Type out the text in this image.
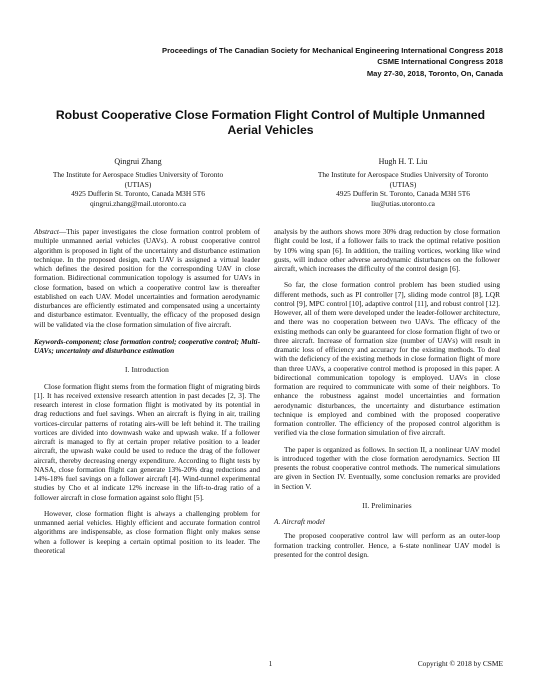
Proceedings of The Canadian Society for Mechanical Engineering International Congress 2018
CSME International Congress 2018
May 27-30, 2018, Toronto, On, Canada
Robust Cooperative Close Formation Flight Control of Multiple Unmanned Aerial Vehicles
Qingrui Zhang
The Institute for Aerospace Studies University of Toronto
(UTIAS)
4925 Dufferin St. Toronto, Canada M3H 5T6
qingrui.zhang@mail.utoronto.ca
Hugh H. T. Liu
The Institute for Aerospace Studies University of Toronto
(UTIAS)
4925 Dufferin St. Toronto, Canada M3H 5T6
liu@utias.utoronto.ca

Abstract—This paper investigates the close formation control problem of multiple unmanned aerial vehicles (UAVs). A robust cooperative control algorithm is proposed in light of the uncertainty and disturbance estimation technique. In the proposed design, each UAV is assigned a virtual leader which defines the desired position for the corresponding UAV in close formation. Bidirectional communication topology is assumed for UAVs in close formation, based on which a cooperative control law is thereafter established on each UAV. Model uncertainties and formation aerodynamic disturbances are efficiently estimated and compensated using a uncertainty and disturbance estimator. Eventually, the efficacy of the proposed design will be validated via the close formation simulation of five aircraft.

Keywords-component; close formation control; cooperative control; Multi-UAVs; uncertainty and disturbance estimation

I. Introduction

Close formation flight stems from the formation flight of migrating birds [1]. It has received extensive research attention in past decades [2, 3]. The research interest in close formation flight is motivated by its potential in drag reductions and fuel savings. When an aircraft is flying in air, trailing vortices-circular patterns of rotating airs-will be left behind it. The trailing vortices are divided into downwash wake and upwash wake. If a follower aircraft is managed to fly at certain proper relative position to a leader aircraft, the upwash wake could be used to reduce the drag of the follower aircraft, thereby decreasing energy expenditure. According to flight tests by NASA, close formation flight can generate 13%-20% drag reductions and 14%-18% fuel savings on a follower aircraft [4]. Wind-tunnel experimental studies by Cho et al indicate 12% increase in the lift-to-drag ratio of a follower aircraft in close formation against solo flight [5].

However, close formation flight is always a challenging problem for unmanned aerial vehicles. Highly efficient and accurate formation control algorithms are indispensable, as close formation flight only makes sense when a follower is keeping a certain optimal position to its leader. The theoretical

analysis by the authors shows more 30% drag reduction by close formation flight could be lost, if a follower fails to track the optimal relative position by 10% wing span [6]. In addition, the trailing vortices, working like wind gusts, will induce other adverse aerodynamic disturbances on the follower aircraft, which increases the difficulty of the control design [6].

So far, the close formation control problem has been studied using different methods, such as PI controller [7], sliding mode control [8], LQR control [9], MPC control [10], adaptive control [11], and robust control [12]. However, all of them were developed under the leader-follower architecture, and there was no cooperation between two UAVs. The efficacy of the existing methods can only be guaranteed for close formation flight of two or three aircraft. Increase of formation size (number of UAVs) will result in dramatic loss of efficiency and accuracy for the existing methods. To deal with the deficiency of the existing methods in close formation flight of more than three UAVs, a cooperative control method is proposed in this paper. A bidirectional communication topology is employed. UAVs in close formation are required to communicate with some of their neighbors. To enhance the robustness against model uncertainties and formation aerodynamic disturbances, the uncertainty and disturbance estimation technique is employed and combined with the proposed cooperative formation controller. The efficiency of the proposed control algorithm is verified via the close formation simulation of five aircraft.

The paper is organized as follows. In section II, a nonlinear UAV model is introduced together with the close formation aerodynamics. Section III presents the robust cooperative control methods. The numerical simulations are given in Section IV. Eventually, some conclusion remarks are provided in Section V.

II. Preliminaries
A. Aircraft model

The proposed cooperative control law will perform as an outer-loop formation tracking controller. Hence, a 6-state nonlinear UAV model is presented for the control design.

1	Copyright © 2018 by CSME
